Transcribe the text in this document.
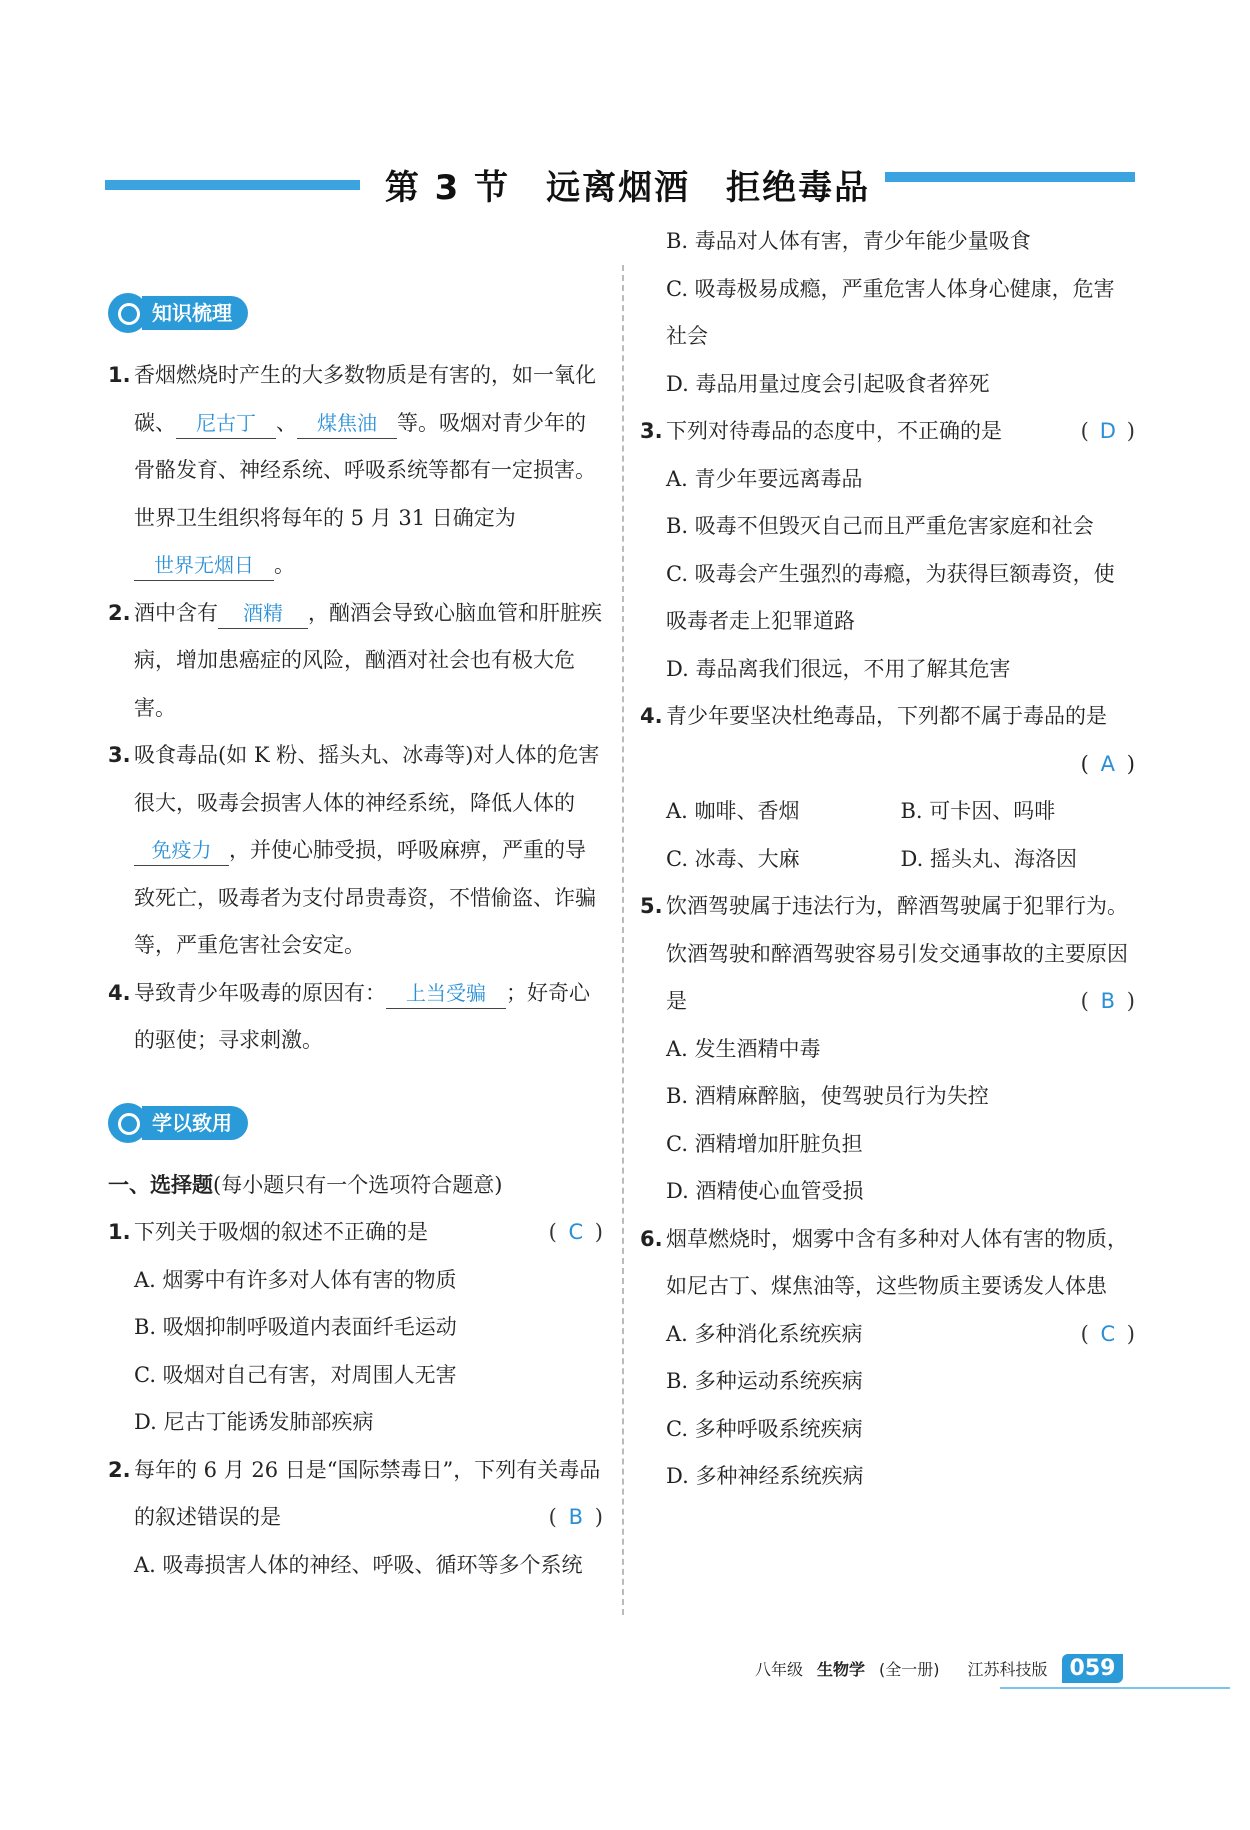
第 3 节　远离烟酒　拒绝毒品
知识梳理
1. 香烟燃烧时产生的大多数物质是有害的，如一氧化碳、 尼古丁 、 煤焦油 等。吸烟对青少年的骨骼发育、神经系统、呼吸系统等都有一定损害。世界卫生组织将每年的 5 月 31 日确定为世界无烟日 。
2. 酒中含有 酒精 ，酗酒会导致心脑血管和肝脏疾病，增加患癌症的风险，酗酒对社会也有极大危害。
3. 吸食毒品(如 K 粉、摇头丸、冰毒等)对人体的危害很大，吸毒会损害人体的神经系统，降低人体的免疫力 ，并使心肺受损，呼吸麻痹，严重的导致死亡，吸毒者为支付昂贵毒资，不惜偷盗、诈骗等，严重危害社会安定。
4. 导致青少年吸毒的原因有： 上当受骗 ；好奇心的驱使；寻求刺激。
学以致用
一、选择题(每小题只有一个选项符合题意)
1.	( C )
下列关于吸烟的叙述不正确的是
A. 烟雾中有许多对人体有害的物质
B. 吸烟抑制呼吸道内表面纤毛运动
C. 吸烟对自己有害，对周围人无害
D. 尼古丁能诱发肺部疾病
2. 每年的 6 月 26 日是“国际禁毒日”，下列有关毒品的叙述错误的是	( B )
A. 吸毒损害人体的神经、呼吸、循环等多个系统
B. 毒品对人体有害，青少年能少量吸食
C. 吸毒极易成瘾，严重危害人体身心健康，危害社会
D. 毒品用量过度会引起吸食者猝死
3.	( D )
下列对待毒品的态度中，不正确的是
A. 青少年要远离毒品
B. 吸毒不但毁灭自己而且严重危害家庭和社会
C. 吸毒会产生强烈的毒瘾，为获得巨额毒资，使吸毒者走上犯罪道路
D. 毒品离我们很远，不用了解其危害
4. 青少年要坚决杜绝毒品，下列都不属于毒品的是
( A )
A. 咖啡、香烟	B. 可卡因、吗啡
C. 冰毒、大麻	D. 摇头丸、海洛因
5. 饮酒驾驶属于违法行为，醉酒驾驶属于犯罪行为。饮酒驾驶和醉酒驾驶容易引发交通事故的主要原因是	( B )
A. 发生酒精中毒
B. 酒精麻醉脑，使驾驶员行为失控
C. 酒精增加肝脏负担
D. 酒精使心血管受损
6. 烟草燃烧时，烟雾中含有多种对人体有害的物质，如尼古丁、煤焦油等，这些物质主要诱发人体患
( C )
A. 多种消化系统疾病
B. 多种运动系统疾病
C. 多种呼吸系统疾病
D. 多种神经系统疾病
八年级 生物学 (全一册)	江苏科技版	059
